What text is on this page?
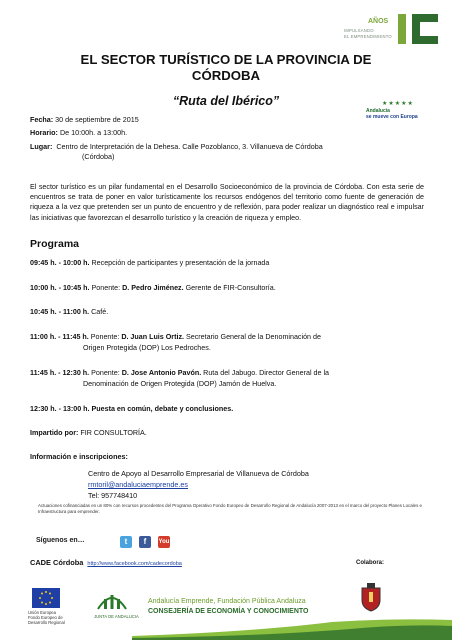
AÑOS
IMPULSANDO
EL EMPRENDIMIENTO
EL SECTOR TURÍSTICO DE LA PROVINCIA DE
CÓRDOBA
“Ruta del Ibérico”	★★★★★
Andalucía
se mueve con Europa
Fecha: 30 de septiembre de 2015
Horario: De 10:00h. a 13:00h.
Lugar: Centro de Interpretación de la Dehesa. Calle Pozoblanco, 3. Villanueva de Córdoba
(Córdoba)
El sector turístico es un pilar fundamental en el Desarrollo Socioeconómico de la provincia de Córdoba. Con esta serie de encuentros se trata de poner en valor turísticamente los recursos endógenos del territorio como fuente de generación de riqueza a la vez que pretenden ser un punto de encuentro y de reflexión, para poder realizar un diagnóstico real e impulsar las iniciativas que favorezcan el desarrollo turístico y la creación de riqueza y empleo.
Programa
09:45 h. - 10:00 h. Recepción de participantes y presentación de la jornada
10:00 h. - 10:45 h. Ponente: D. Pedro Jiménez. Gerente de FIR-Consultoría.
10:45 h. - 11:00 h. Café.
11:00 h. - 11:45 h. Ponente: D. Juan Luis Ortiz. Secretario General de la Denominación de
Origen Protegida (DOP) Los Pedroches.
11:45 h. - 12:30 h. Ponente: D. Jose Antonio Pavón. Ruta del Jabugo. Director General de la
Denominación de Origen Protegida (DOP) Jamón de Huelva.
12:30 h. - 13:00 h. Puesta en común, debate y conclusiones.
Impartido por: FIR CONSULTORÍA.
Información e inscripciones:
Centro de Apoyo al Desarrollo Empresarial de Villanueva de Córdoba
rmtoril@andaluciaemprende.es
Tel: 957748410
Actuaciones cofinanciadas en un 80% con recursos procedentes del Programa Operativo Fondo Europeo de Desarrollo Regional de Andalucía 2007-2013 en el marco del proyecto Planes Locales e Infraestructura para emprender.
Síguenos en…	t	f	You
CADE Córdoba http://www.facebook.com/cadecordoba	Colabora:
Unión Europea
Fondo Europeo de
Desarrollo Regional
JUNTA DE ANDALUCIA
Andalucía Emprende, Fundación Pública Andaluza
CONSEJERÍA DE ECONOMÍA Y CONOCIMIENTO
